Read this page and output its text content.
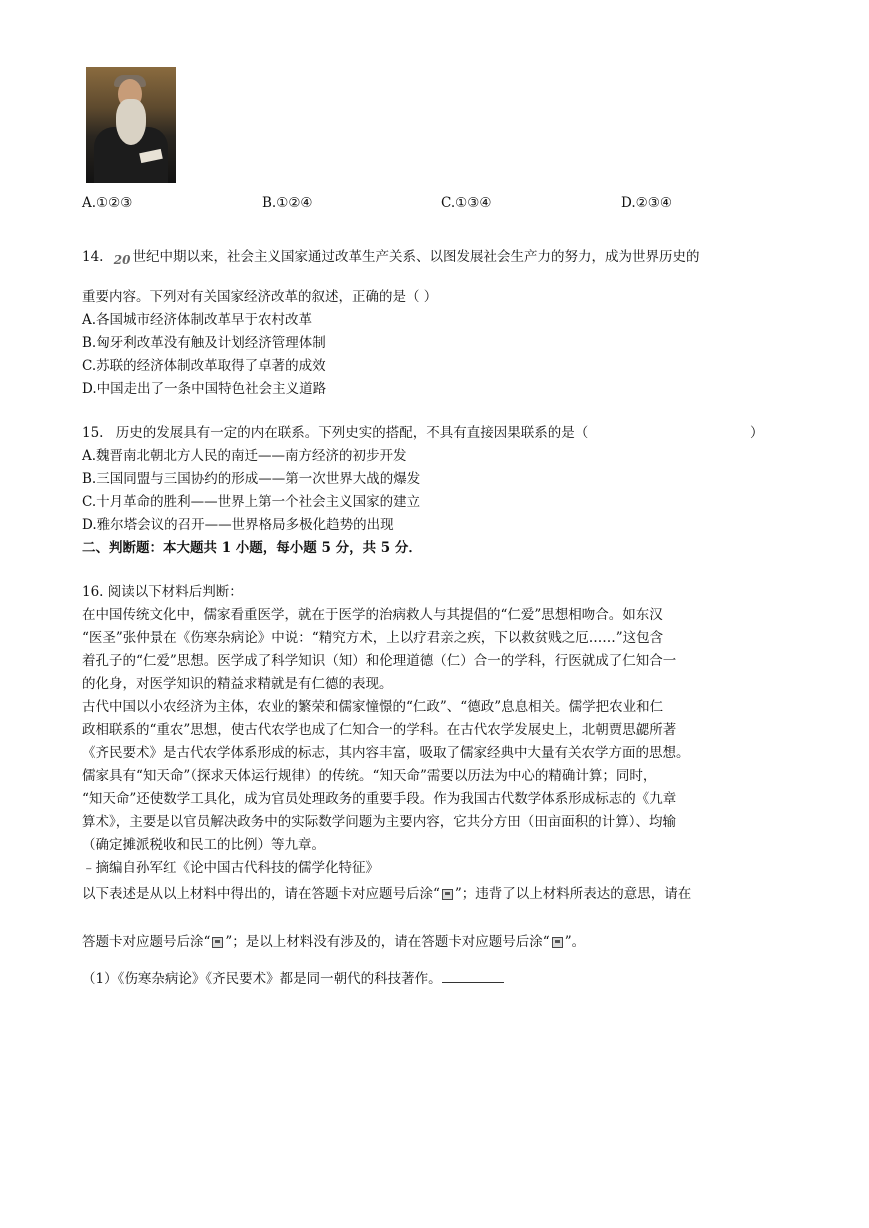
A.①②③	B.①②④	C.①③④	D.②③④
14. 20 世纪中期以来，社会主义国家通过改革生产关系、以图发展社会生产力的努力，成为世界历史的
重要内容。下列对有关国家经济改革的叙述，正确的是（ ）
A.各国城市经济体制改革早于农村改革
B.匈牙利改革没有触及计划经济管理体制
C.苏联的经济体制改革取得了卓著的成效
D.中国走出了一条中国特色社会主义道路
15. 历史的发展具有一定的内在联系。下列史实的搭配，不具有直接因果联系的是（	）
A.魏晋南北朝北方人民的南迁——南方经济的初步开发
B.三国同盟与三国协约的形成——第一次世界大战的爆发
C.十月革命的胜利——世界上第一个社会主义国家的建立
D.雅尔塔会议的召开——世界格局多极化趋势的出现
二、判断题：本大题共 1 小题，每小题 5 分，共 5 分．
16. 阅读以下材料后判断：
在中国传统文化中，儒家看重医学，就在于医学的治病救人与其提倡的“仁爱”思想相吻合。如东汉
“医圣”张仲景在《伤寒杂病论》中说：“精究方术，上以疗君亲之疾，下以救贫贱之厄……”这包含
着孔子的“仁爱”思想。医学成了科学知识（知）和伦理道德（仁）合一的学科，行医就成了仁知合一
的化身，对医学知识的精益求精就是有仁德的表现。
古代中国以小农经济为主体，农业的繁荣和儒家憧憬的“仁政”、“德政”息息相关。儒学把农业和仁
政相联系的“重农”思想，使古代农学也成了仁知合一的学科。在古代农学发展史上，北朝贾思勰所著
《齐民要术》是古代农学体系形成的标志，其内容丰富，吸取了儒家经典中大量有关农学方面的思想。
儒家具有“知天命”（探求天体运行规律）的传统。“知天命”需要以历法为中心的精确计算；同时，
“知天命”还使数学工具化，成为官员处理政务的重要手段。作为我国古代数学体系形成标志的《九章
算术》，主要是以官员解决政务中的实际数学问题为主要内容，它共分方田（田亩面积的计算）、均输
（确定摊派税收和民工的比例）等九章。
﹣摘编自孙军红《论中国古代科技的儒学化特征》
以下表述是从以上材料中得出的，请在答题卡对应题号后涂“ ”；违背了以上材料所表达的意思，请在
答题卡对应题号后涂“ ”；是以上材料没有涉及的，请在答题卡对应题号后涂“ ”。
（1）《伤寒杂病论》《齐民要术》都是同一朝代的科技著作。
